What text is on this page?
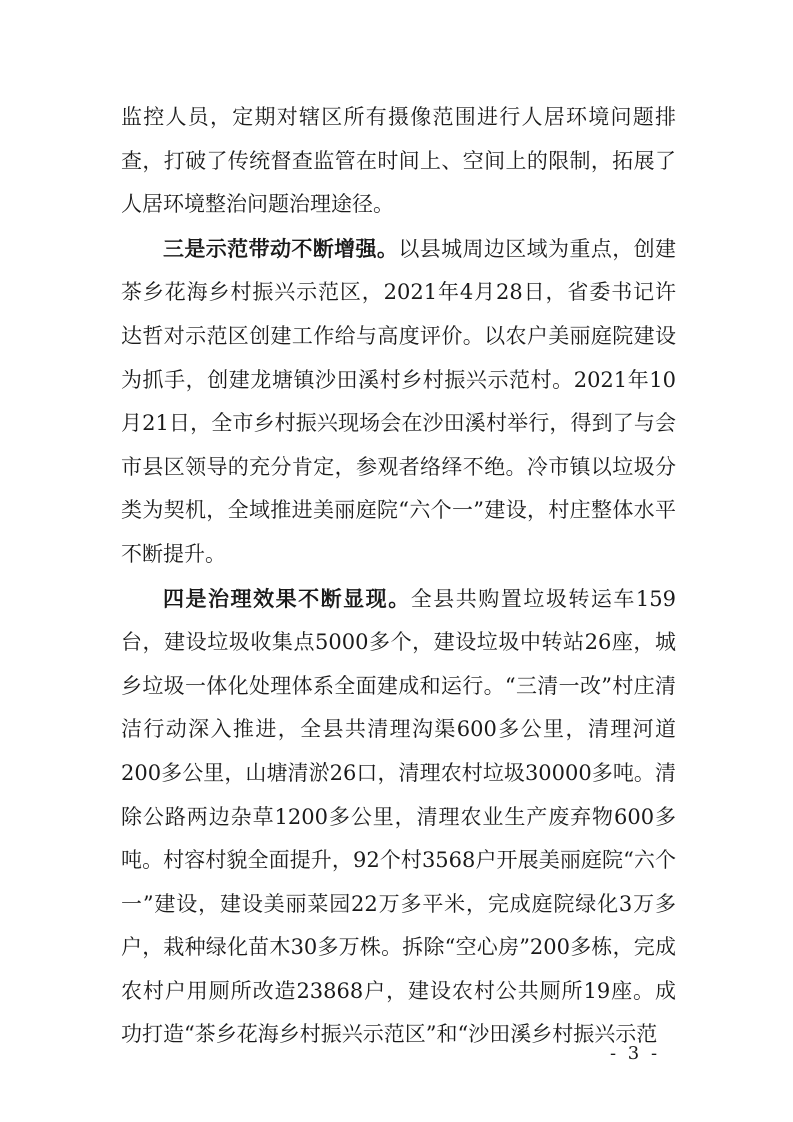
监控人员，定期对辖区所有摄像范围进行人居环境问题排查，打破了传统督查监管在时间上、空间上的限制，拓展了人居环境整治问题治理途径。

三是示范带动不断增强。以县城周边区域为重点，创建茶乡花海乡村振兴示范区，2021年4月28日，省委书记许达哲对示范区创建工作给与高度评价。以农户美丽庭院建设为抓手，创建龙塘镇沙田溪村乡村振兴示范村。2021年10月21日，全市乡村振兴现场会在沙田溪村举行，得到了与会市县区领导的充分肯定，参观者络绎不绝。冷市镇以垃圾分类为契机，全域推进美丽庭院“六个一”建设，村庄整体水平不断提升。

四是治理效果不断显现。全县共购置垃圾转运车159台，建设垃圾收集点5000多个，建设垃圾中转站26座，城乡垃圾一体化处理体系全面建成和运行。“三清一改”村庄清洁行动深入推进，全县共清理沟渠600多公里，清理河道200多公里，山塘清淤26口，清理农村垃圾30000多吨。清除公路两边杂草1200多公里，清理农业生产废弃物600多吨。村容村貌全面提升，92个村3568户开展美丽庭院“六个一”建设，建设美丽菜园22万多平米，完成庭院绿化3万多户，栽种绿化苗木30多万株。拆除“空心房”200多栋，完成农村户用厕所改造23868户，建设农村公共厕所19座。成功打造“茶乡花海乡村振兴示范区”和“沙田溪乡村振兴示范

- 3 -
